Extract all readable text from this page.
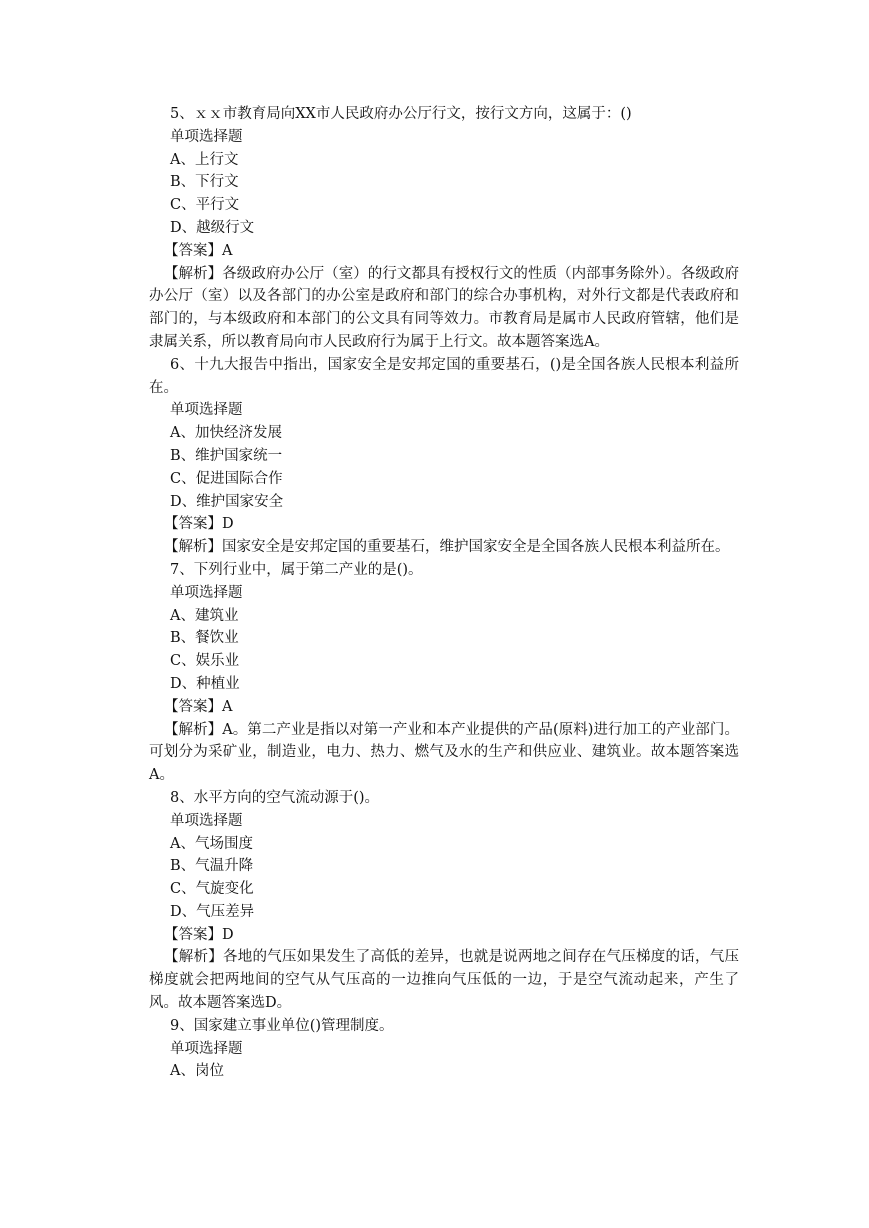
5、ｘｘ市教育局向XX市人民政府办公厅行文，按行文方向，这属于：()

单项选择题

A、上行文

B、下行文

C、平行文

D、越级行文

【答案】A

【解析】各级政府办公厅（室）的行文都具有授权行文的性质（内部事务除外）。各级政府办公厅（室）以及各部门的办公室是政府和部门的综合办事机构，对外行文都是代表政府和部门的，与本级政府和本部门的公文具有同等效力。市教育局是属市人民政府管辖，他们是隶属关系，所以教育局向市人民政府行为属于上行文。故本题答案选A。

6、十九大报告中指出，国家安全是安邦定国的重要基石，()是全国各族人民根本利益所在。

单项选择题

A、加快经济发展

B、维护国家统一

C、促进国际合作

D、维护国家安全

【答案】D

【解析】国家安全是安邦定国的重要基石，维护国家安全是全国各族人民根本利益所在。

7、下列行业中，属于第二产业的是()。

单项选择题

A、建筑业

B、餐饮业

C、娱乐业

D、种植业

【答案】A

【解析】A。第二产业是指以对第一产业和本产业提供的产品(原料)进行加工的产业部门。可划分为采矿业，制造业，电力、热力、燃气及水的生产和供应业、建筑业。故本题答案选A。

8、水平方向的空气流动源于()。

单项选择题

A、气场围度

B、气温升降

C、气旋变化

D、气压差异

【答案】D

【解析】各地的气压如果发生了高低的差异，也就是说两地之间存在气压梯度的话，气压梯度就会把两地间的空气从气压高的一边推向气压低的一边，于是空气流动起来，产生了风。故本题答案选D。

9、国家建立事业单位()管理制度。

单项选择题

A、岗位
